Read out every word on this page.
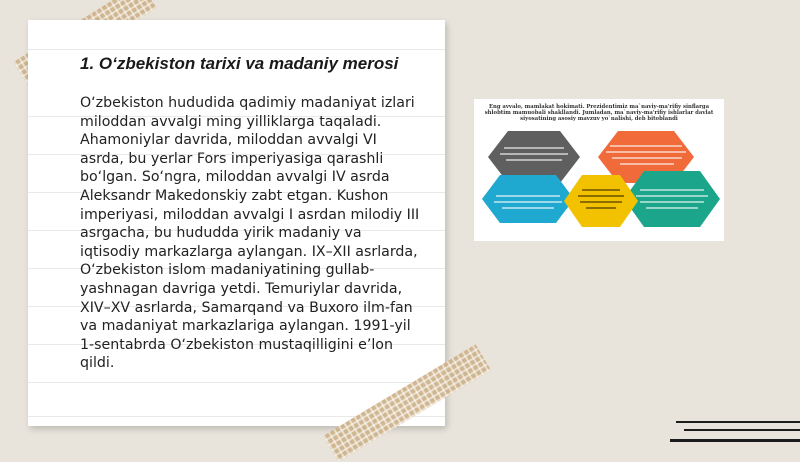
1. O‘zbekiston tarixi va madaniy merosi

O‘zbekiston hududida qadimiy madaniyat izlari miloddan avvalgi ming yilliklarga taqaladi. Ahamoniylar davrida, miloddan avvalgi VI asrda, bu yerlar Fors imperiyasiga qarashli bo‘lgan. So‘ngra, miloddan avvalgi IV asrda Aleksandr Makedonskiy zabt etgan. Kushon imperiyasi, miloddan avvalgi I asrdan milodiy III asrgacha, bu hududda yirik madaniy va iqtisodiy markazlarga aylangan. IX–XII asrlarda, O‘zbekiston islom madaniyatining gullab-yashnagan davriga yetdi. Temuriylar davrida, XIV–XV asrlarda, Samarqand va Buxoro ilm-fan va madaniyat markazlariga aylangan. 1991-yil 1-sentabrda O‘zbekiston mustaqilligini e’lon qildi.

Eng avvalo, mamlakat hokimati. Prezidentimiz ma`naviy-ma'rifiy sinflarga shlobtim mamuobali shakllandi. Jumladan, ma`naviy-ma'rifiy ishlarlar davlat siyosatining asosiy mavzuv yo`nalishi, deb bitoblandi
